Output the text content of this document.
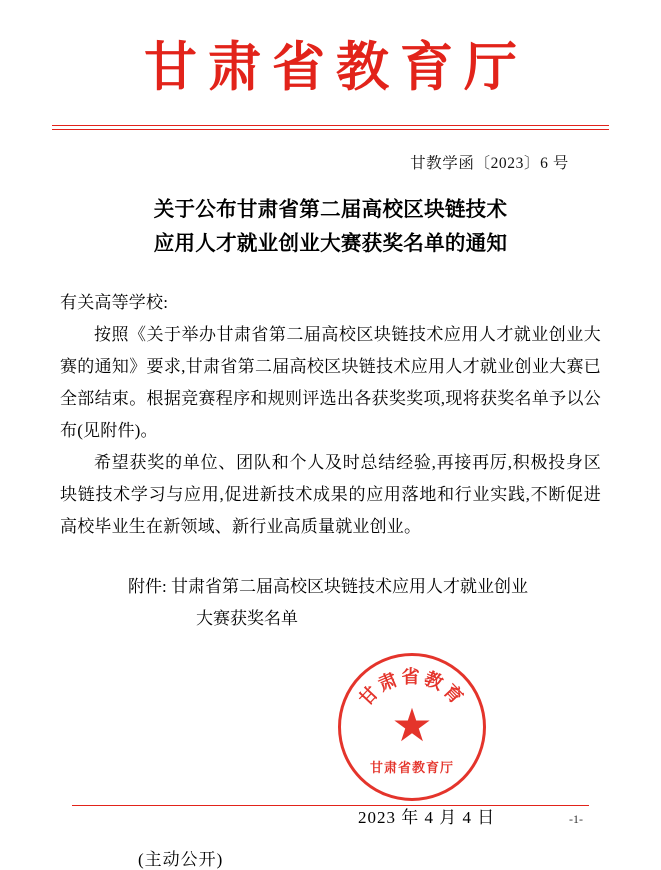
甘肃省教育厅
甘教学函〔2023〕6 号
关于公布甘肃省第二届高校区块链技术
应用人才就业创业大赛获奖名单的通知

有关高等学校:

按照《关于举办甘肃省第二届高校区块链技术应用人才就业创业大赛的通知》要求,甘肃省第二届高校区块链技术应用人才就业创业大赛已全部结束。根据竞赛程序和规则评选出各获奖奖项,现将获奖名单予以公布(见附件)。

希望获奖的单位、团队和个人及时总结经验,再接再厉,积极投身区块链技术学习与应用,促进新技术成果的应用落地和行业实践,不断促进高校毕业生在新领域、新行业高质量就业创业。

附件: 甘肃省第二届高校区块链技术应用人才就业创业
大赛获奖名单
甘肃省教育
★
甘肃省教育厅
2023 年 4 月 4 日
(主动公开)
-1-
